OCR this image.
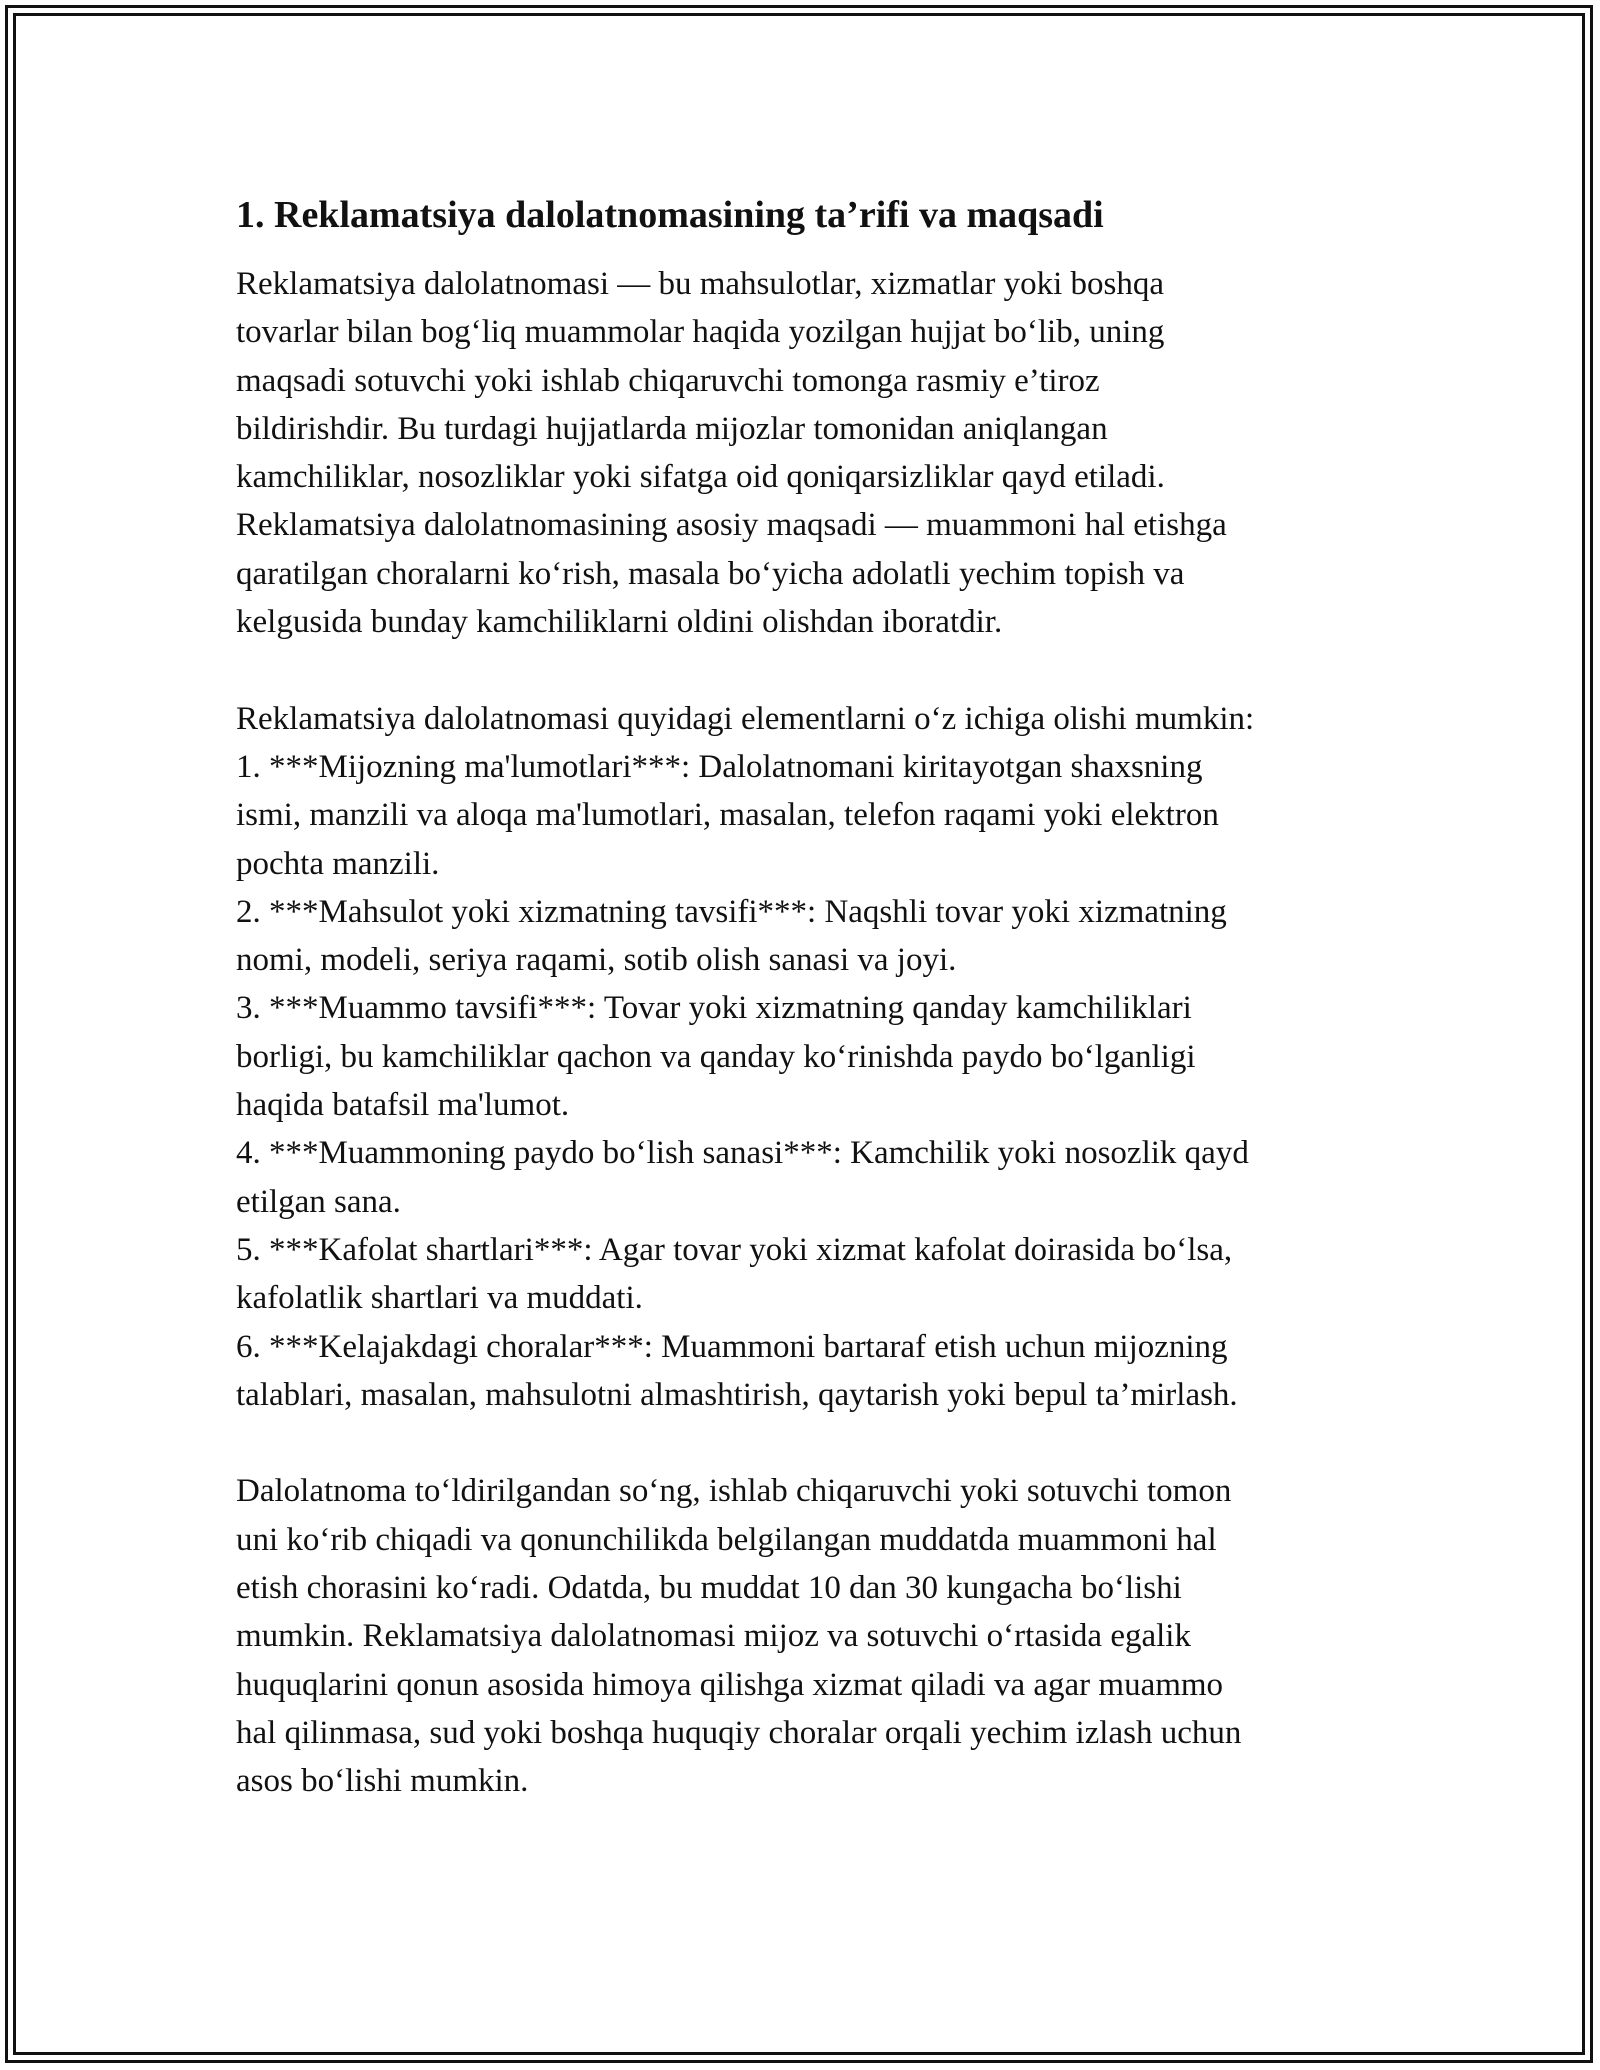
1. Reklamatsiya dalolatnomasining ta’rifi va maqsadi

Reklamatsiya dalolatnomasi — bu mahsulotlar, xizmatlar yoki boshqa
tovarlar bilan bog‘liq muammolar haqida yozilgan hujjat bo‘lib, uning
maqsadi sotuvchi yoki ishlab chiqaruvchi tomonga rasmiy e’tiroz
bildirishdir. Bu turdagi hujjatlarda mijozlar tomonidan aniqlangan
kamchiliklar, nosozliklar yoki sifatga oid qoniqarsizliklar qayd etiladi.
Reklamatsiya dalolatnomasining asosiy maqsadi — muammoni hal etishga
qaratilgan choralarni ko‘rish, masala bo‘yicha adolatli yechim topish va
kelgusida bunday kamchiliklarni oldini olishdan iboratdir.

Reklamatsiya dalolatnomasi quyidagi elementlarni o‘z ichiga olishi mumkin:
1. ***Mijozning ma'lumotlari***: Dalolatnomani kiritayotgan shaxsning
ismi, manzili va aloqa ma'lumotlari, masalan, telefon raqami yoki elektron
pochta manzili.
2. ***Mahsulot yoki xizmatning tavsifi***: Naqshli tovar yoki xizmatning
nomi, modeli, seriya raqami, sotib olish sanasi va joyi.
3. ***Muammo tavsifi***: Tovar yoki xizmatning qanday kamchiliklari
borligi, bu kamchiliklar qachon va qanday ko‘rinishda paydo bo‘lganligi
haqida batafsil ma'lumot.
4. ***Muammoning paydo bo‘lish sanasi***: Kamchilik yoki nosozlik qayd
etilgan sana.
5. ***Kafolat shartlari***: Agar tovar yoki xizmat kafolat doirasida bo‘lsa,
kafolatlik shartlari va muddati.
6. ***Kelajakdagi choralar***: Muammoni bartaraf etish uchun mijozning
talablari, masalan, mahsulotni almashtirish, qaytarish yoki bepul ta’mirlash.

Dalolatnoma to‘ldirilgandan so‘ng, ishlab chiqaruvchi yoki sotuvchi tomon
uni ko‘rib chiqadi va qonunchilikda belgilangan muddatda muammoni hal
etish chorasini ko‘radi. Odatda, bu muddat 10 dan 30 kungacha bo‘lishi
mumkin. Reklamatsiya dalolatnomasi mijoz va sotuvchi o‘rtasida egalik
huquqlarini qonun asosida himoya qilishga xizmat qiladi va agar muammo
hal qilinmasa, sud yoki boshqa huquqiy choralar orqali yechim izlash uchun
asos bo‘lishi mumkin.
